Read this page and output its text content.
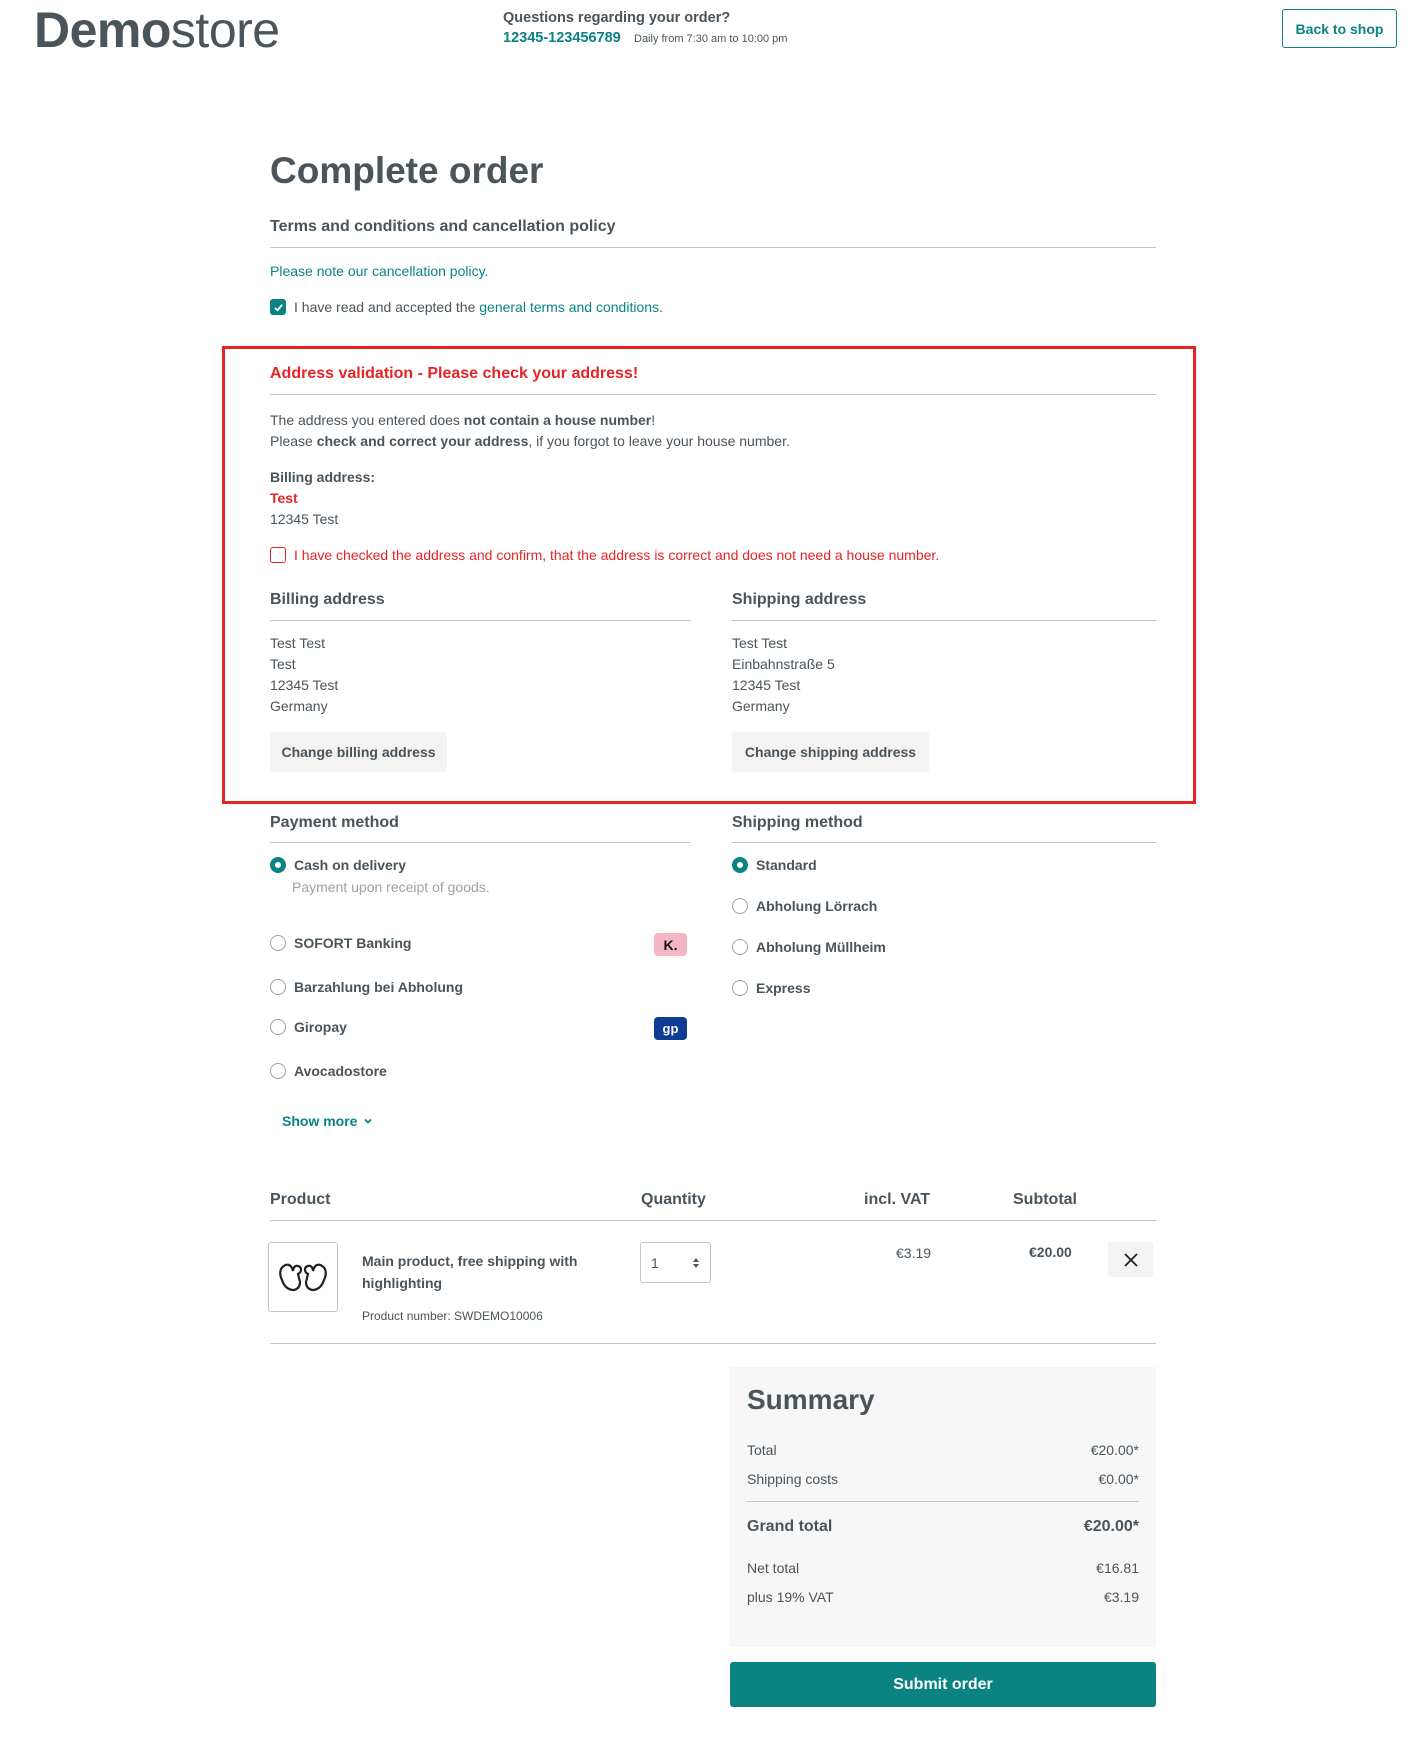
Demostore	Questions regarding your order?
12345-123456789 Daily from 7:30 am to 10:00 pm
Back to shop
Complete order
Terms and conditions and cancellation policy
Please note our cancellation policy.
I have read and accepted the general terms and conditions.
Address validation - Please check your address!
The address you entered does not contain a house number!
Please check and correct your address, if you forgot to leave your house number.
Billing address:
Test
12345 Test
I have checked the address and confirm, that the address is correct and does not need a house number.
Billing address
Test Test
Test
12345 Test
Germany
Change billing address
Shipping address
Test Test
Einbahnstraße 5
12345 Test
Germany
Change shipping address
Payment method
Cash on delivery
Payment upon receipt of goods.
SOFORT Banking	K.
Barzahlung bei Abholung
Giropay	gp
Avocadostore
Show more
Shipping method
Standard
Abholung Lörrach
Abholung Müllheim
Express
Product	Quantity	incl. VAT	Subtotal
Main product, free shipping with
highlighting
Product number: SWDEMO10006
1
€3.19	€20.00
Summary
Total	€20.00*
Shipping costs	€0.00*
Grand total	€20.00*
Net total	€16.81
plus 19% VAT	€3.19
Submit order
